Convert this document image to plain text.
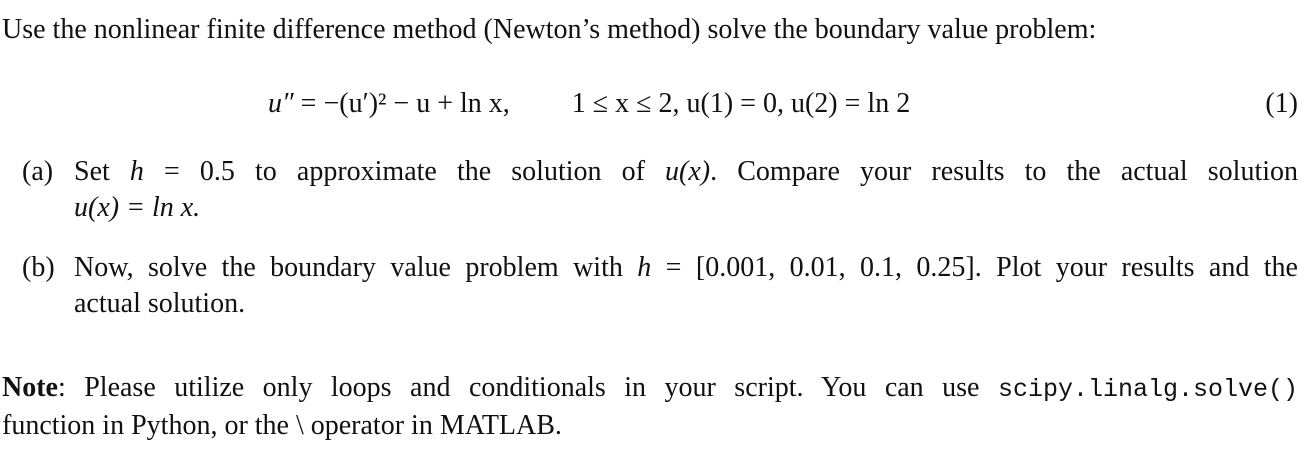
Use the nonlinear finite difference method (Newton’s method) solve the boundary value problem:
u″ = −(u′)² − u + ln x, 1 ≤ x ≤ 2, u(1) = 0, u(2) = ln 2	(1)
(a) Set h = 0.5 to approximate the solution of u(x). Compare your results to the actual solution
u(x) = ln x.
(b) Now, solve the boundary value problem with h = [0.001, 0.01, 0.1, 0.25]. Plot your results and the
actual solution.
Note: Please utilize only loops and conditionals in your script. You can use scipy.linalg.solve()
function in Python, or the \ operator in MATLAB.
